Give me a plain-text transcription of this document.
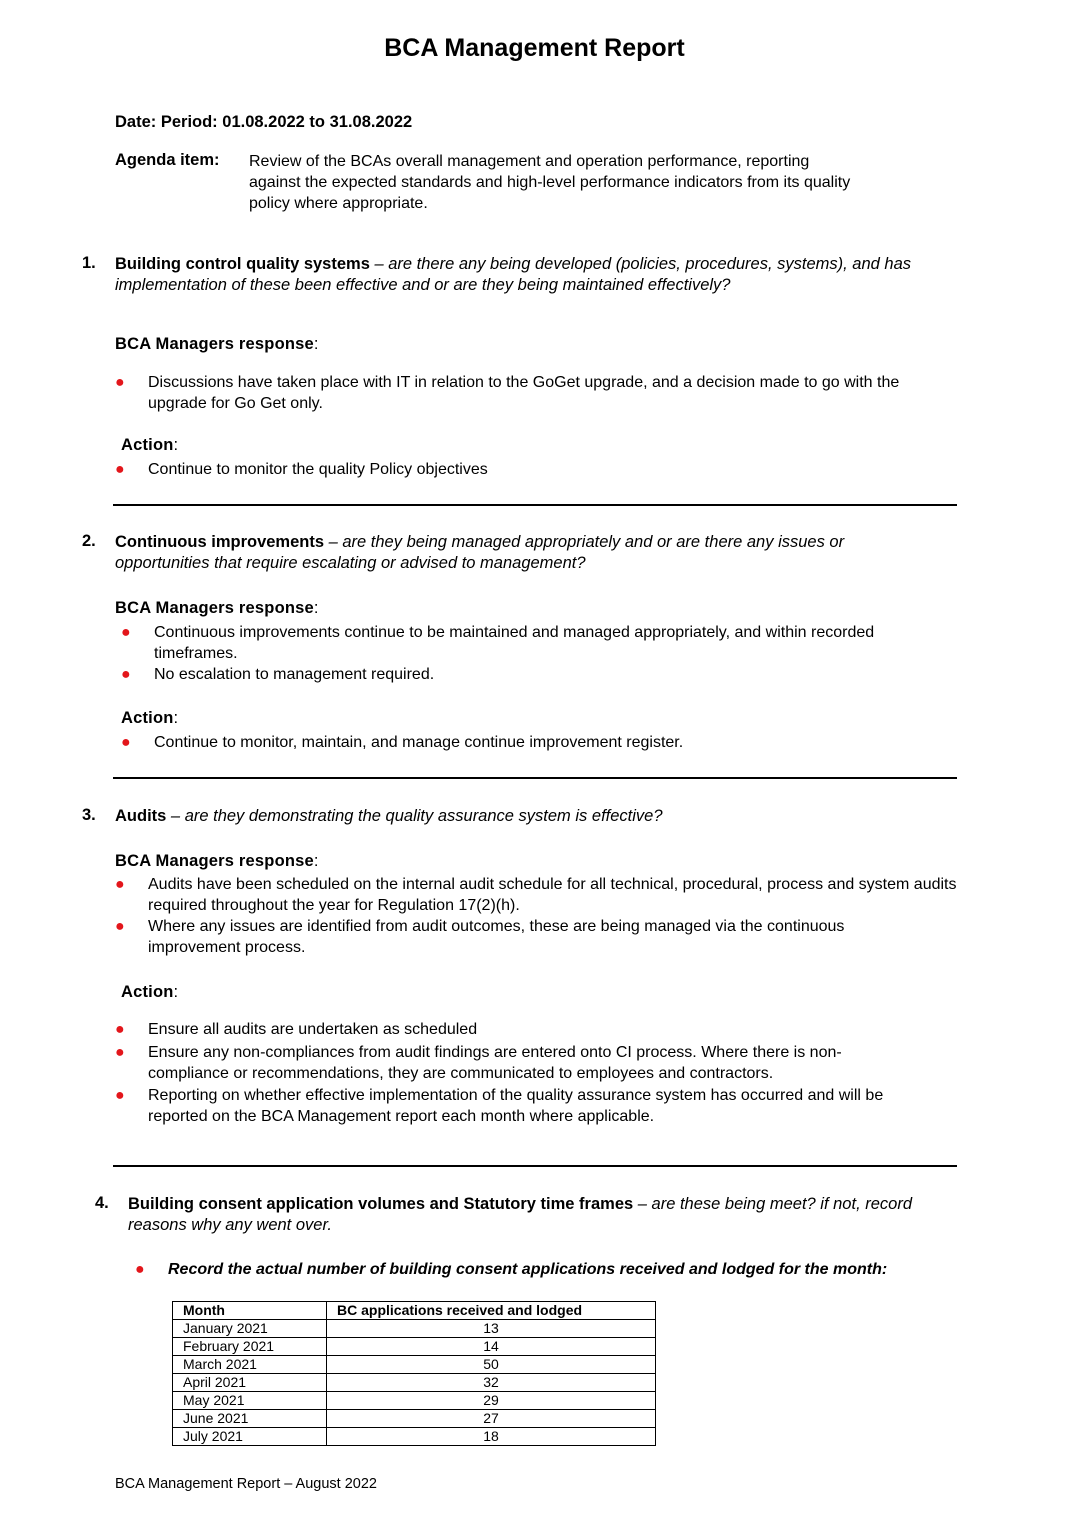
BCA Management Report
Date: Period: 01.08.2022 to 31.08.2022
Agenda item: Review of the BCAs overall management and operation performance, reporting against the expected standards and high-level performance indicators from its quality policy where appropriate.
1. Building control quality systems – are there any being developed (policies, procedures, systems), and has implementation of these been effective and or are they being maintained effectively?
BCA Managers response:
● Discussions have taken place with IT in relation to the GoGet upgrade, and a decision made to go with the upgrade for Go Get only.
Action:
● Continue to monitor the quality Policy objectives
2. Continuous improvements – are they being managed appropriately and or are there any issues or opportunities that require escalating or advised to management?
BCA Managers response:
● Continuous improvements continue to be maintained and managed appropriately, and within recorded timeframes.
● No escalation to management required.
Action:
● Continue to monitor, maintain, and manage continue improvement register.
3. Audits – are they demonstrating the quality assurance system is effective?
BCA Managers response:
● Audits have been scheduled on the internal audit schedule for all technical, procedural, process and system audits required throughout the year for Regulation 17(2)(h).
● Where any issues are identified from audit outcomes, these are being managed via the continuous improvement process.
Action:
● Ensure all audits are undertaken as scheduled
● Ensure any non-compliances from audit findings are entered onto CI process. Where there is non-compliance or recommendations, they are communicated to employees and contractors.
● Reporting on whether effective implementation of the quality assurance system has occurred and will be reported on the BCA Management report each month where applicable.
4. Building consent application volumes and Statutory time frames – are these being meet? if not, record reasons why any went over.
● Record the actual number of building consent applications received and lodged for the month:
Month	BC applications received and lodged
January 2021	13
February 2021	14
March 2021	50
April 2021	32
May 2021	29
June 2021	27
July 2021	18
BCA Management Report – August 2022
